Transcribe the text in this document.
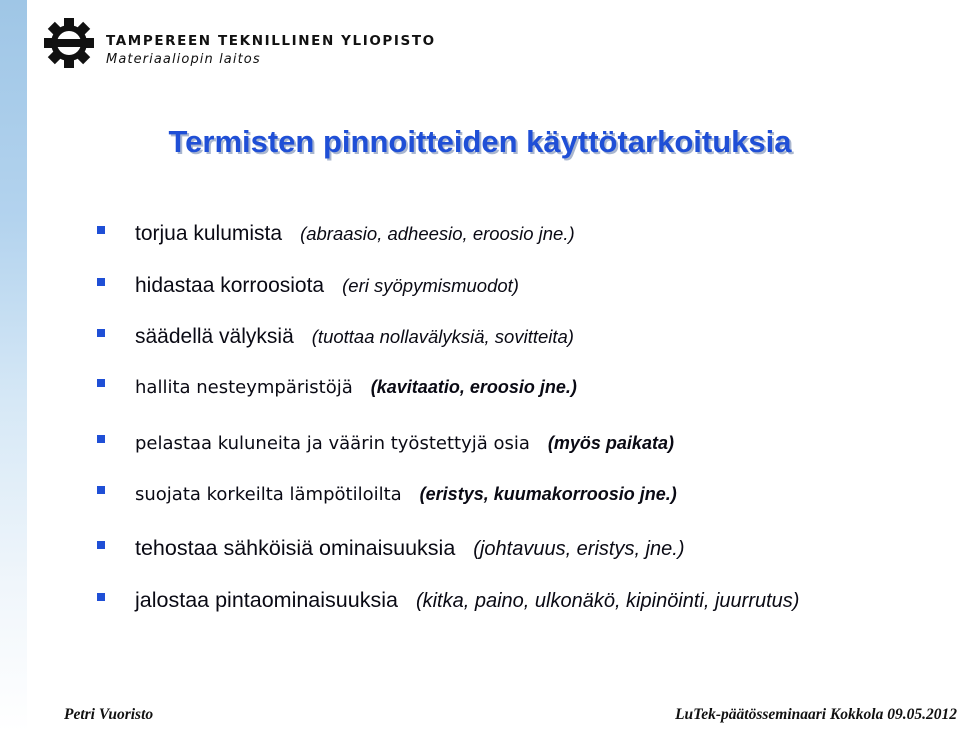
TAMPEREEN TEKNILLINEN YLIOPISTO
Materiaaliopin laitos
Termisten pinnoitteiden käyttötarkoituksia
torjua kulumista (abraasio, adheesio, eroosio jne.)
hidastaa korroosiota (eri syöpymismuodot)
säädellä välyksiä (tuottaa nollavälyksiä, sovitteita)
hallita nesteympäristöjä (kavitaatio, eroosio jne.)
pelastaa kuluneita ja väärin työstettyjä osia (myös paikata)
suojata korkeilta lämpötiloilta (eristys, kuumakorroosio jne.)
tehostaa sähköisiä ominaisuuksia (johtavuus, eristys, jne.)
jalostaa pintaominaisuuksia (kitka, paino, ulkonäkö, kipinöinti, juurrutus)
Petri Vuoristo	LuTek-päätösseminaari Kokkola 09.05.2012
